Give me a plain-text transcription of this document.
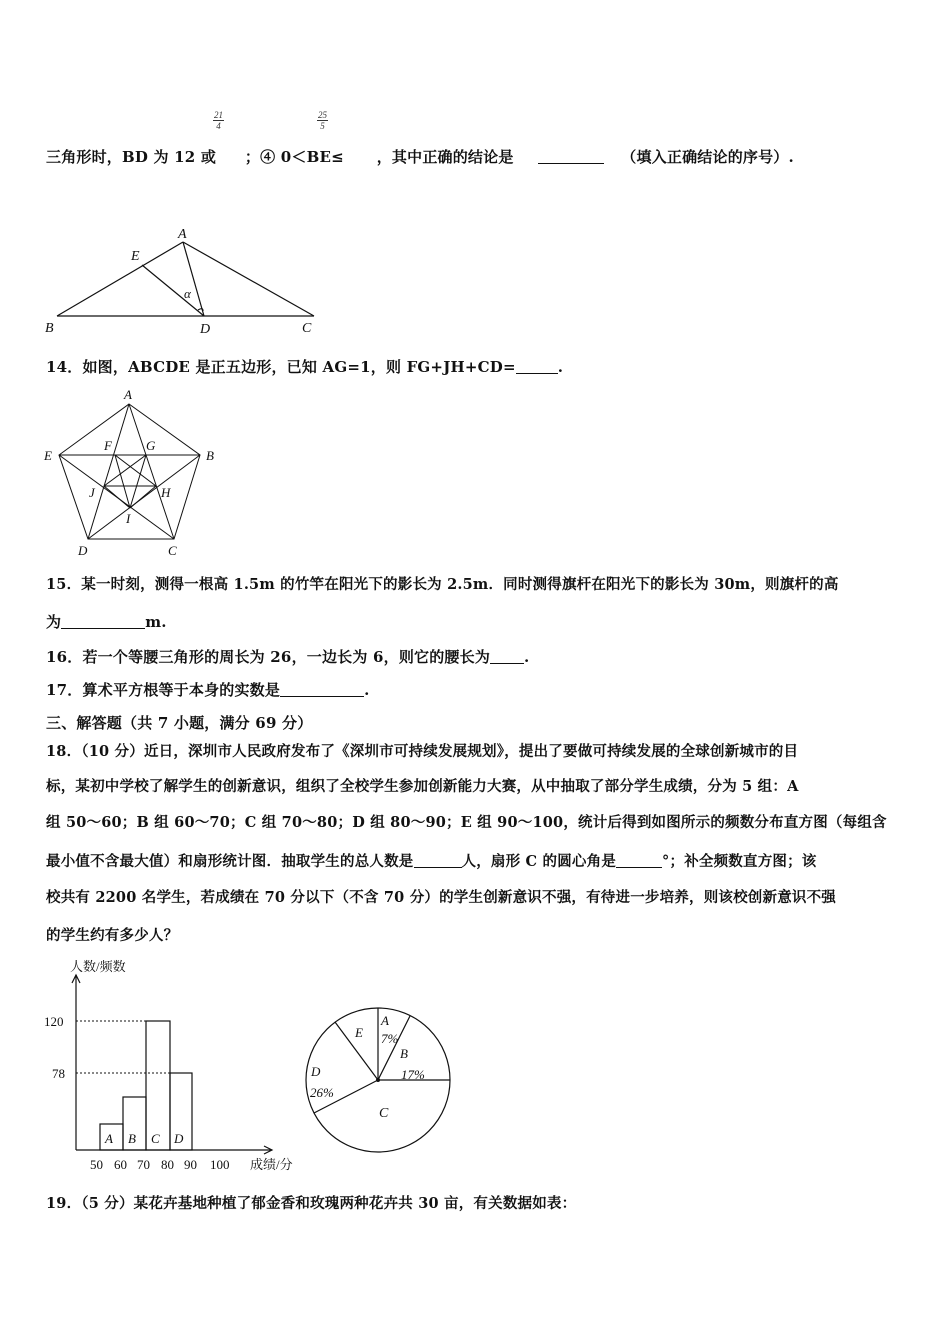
$\frac{21}{4}$	$\frac{25}{5}$
三角形时，BD 为 12 或 ；④ 0＜BE≤ ，其中正确的结论是	（填入正确结论的序号）.
A
E
α
B	D	C
14．如图，ABCDE 是正五边形，已知 AG=1，则 FG+JH+CD=	.
A
E	B
F	G
J	H
I
D	C
15．某一时刻，测得一根高 1.5m 的竹竿在阳光下的影长为 2.5m．同时测得旗杆在阳光下的影长为 30m，则旗杆的高
为	m.
16．若一个等腰三角形的周长为 26，一边长为 6，则它的腰长为 .
17．算术平方根等于本身的实数是	.
三、解答题（共 7 小题，满分 69 分）
18．（10 分）近日，深圳市人民政府发布了《深圳市可持续发展规划》，提出了要做可持续发展的全球创新城市的目
标，某初中学校了解学生的创新意识，组织了全校学生参加创新能力大赛，从中抽取了部分学生成绩，分为 5 组：A
组 50～60；B 组 60～70；C 组 70～80；D 组 80～90；E 组 90～100，统计后得到如图所示的频数分布直方图（每组含
最小值不含最大值）和扇形统计图．抽取学生的总人数是	人，扇形 C 的圆心角是	°；补全频数直方图；该
校共有 2200 名学生，若成绩在 70 分以下（不含 70 分）的学生创新意识不强，有待进一步培养，则该校创新意识不强
的学生约有多少人？
人数/频数
120
78
A B C D
50 60 70 80 90 100 成绩/分
A
7%
E
B
17%
D
26%
C
19．（5 分）某花卉基地种植了郁金香和玫瑰两种花卉共 30 亩，有关数据如表：
